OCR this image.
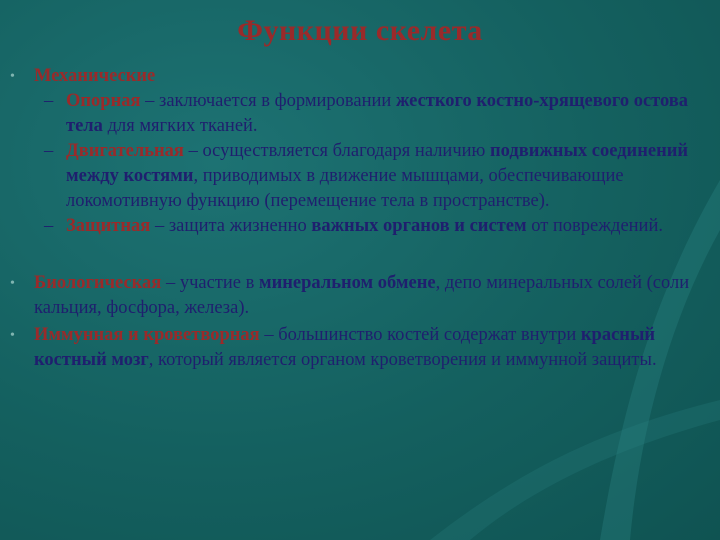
Функции скелета
• Механические
– Опорная – заключается в формировании жесткого костно-хрящевого остова тела для мягких тканей.
– Двигательная – осуществляется благодаря наличию подвижных соединений между костями, приводимых в движение мышцами, обеспечивающие локомотивную функцию (перемещение тела в пространстве).
– Защитная – защита жизненно важных органов и систем от повреждений.
• Биологическая – участие в минеральном обмене, депо минеральных солей (соли кальция, фосфора, железа).
• Иммунная и кроветворная – большинство костей содержат внутри красный костный мозг, который является органом кроветворения и иммунной защиты.
